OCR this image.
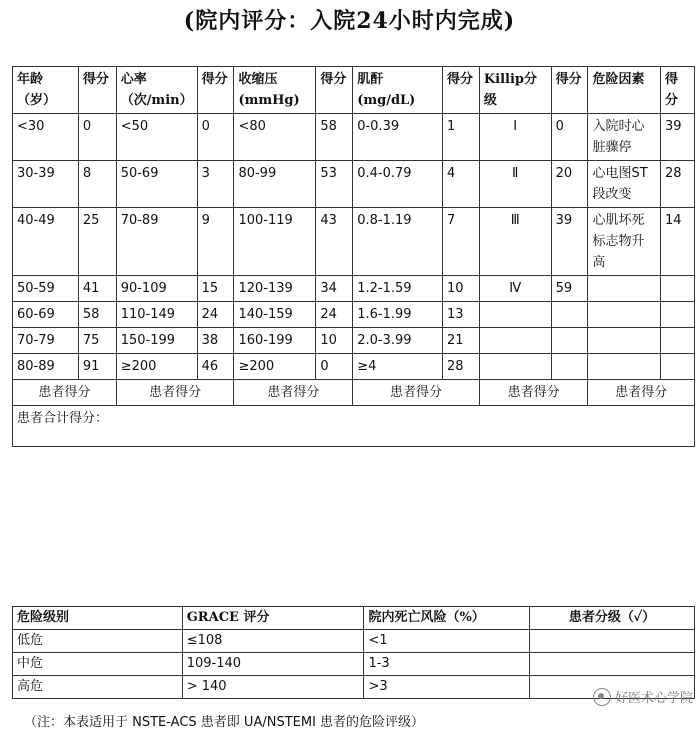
(院内评分：入院24小时内完成)
年龄（岁）	得分	心率（次/min）	得分	收缩压(mmHg)	得分	肌酐(mg/dL)	得分	Killip分级	得分	危险因素	得分
<30	0	<50	0	<80	58	0-0.39	1	Ⅰ	0	入院时心脏骤停	39
30-39	8	50-69	3	80-99	53	0.4-0.79	4	Ⅱ	20	心电图ST段改变	28
40-49	25	70-89	9	100-119	43	0.8-1.19	7	Ⅲ	39	心肌坏死标志物升高	14
50-59	41	90-109	15	120-139	34	1.2-1.59	10	Ⅳ	59		
60-69	58	110-149	24	140-159	24	1.6-1.99	13				
70-79	75	150-199	38	160-199	10	2.0-3.99	21				
80-89	91	≥200	46	≥200	0	≥4	28				
患者得分		患者得分		患者得分		患者得分		患者得分		患者得分	
患者合计得分：											
危险级别	GRACE 评分	院内死亡风险（%）	患者分级（✓）
低危	≤108	<1	
中危	109-140	1-3	
高危	> 140	>3	
好医术心学院
（注：本表适用于 NSTE-ACS 患者即 UA/NSTEMI 患者的危险评级）
